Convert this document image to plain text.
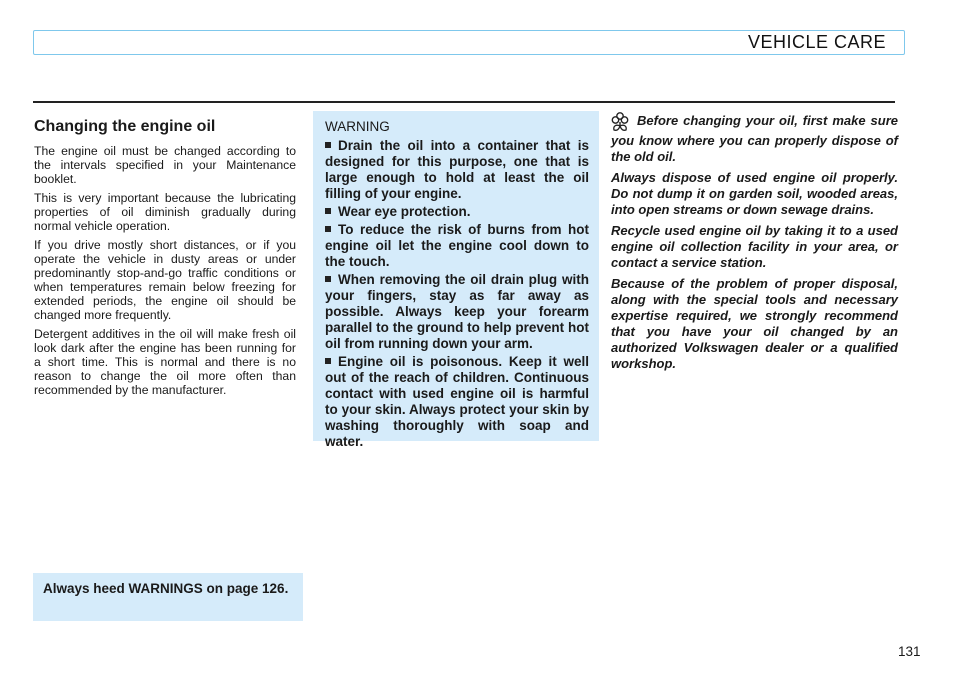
VEHICLE CARE
Changing the engine oil

The engine oil must be changed according to the intervals specified in your Maintenance booklet.

This is very important because the lubricating properties of oil diminish gradually during normal vehicle operation.

If you drive mostly short distances, or if you operate the vehicle in dusty areas or under predominantly stop-and-go traffic conditions or when temperatures remain below freezing for extended periods, the engine oil should be changed more frequently.

Detergent additives in the oil will make fresh oil look dark after the engine has been running for a short time. This is normal and there is no reason to change the oil more often than recommended by the manufacturer.

Always heed WARNINGS on page 126.
WARNING
Drain the oil into a container that is designed for this purpose, one that is large enough to hold at least the oil filling of your engine.
Wear eye protection.
To reduce the risk of burns from hot engine oil let the engine cool down to the touch.
When removing the oil drain plug with your fingers, stay as far away as possible. Always keep your forearm parallel to the ground to help prevent hot oil from running down your arm.
Engine oil is poisonous. Keep it well out of the reach of children. Continuous contact with used engine oil is harmful to your skin. Always protect your skin by washing thoroughly with soap and water.

Before changing your oil, first make sure you know where you can properly dispose of the old oil.

Always dispose of used engine oil properly. Do not dump it on garden soil, wooded areas, into open streams or down sewage drains.

Recycle used engine oil by taking it to a used engine oil collection facility in your area, or contact a service station.

Because of the problem of proper disposal, along with the special tools and necessary expertise required, we strongly recommend that you have your oil changed by an authorized Volkswagen dealer or a qualified workshop.

131
